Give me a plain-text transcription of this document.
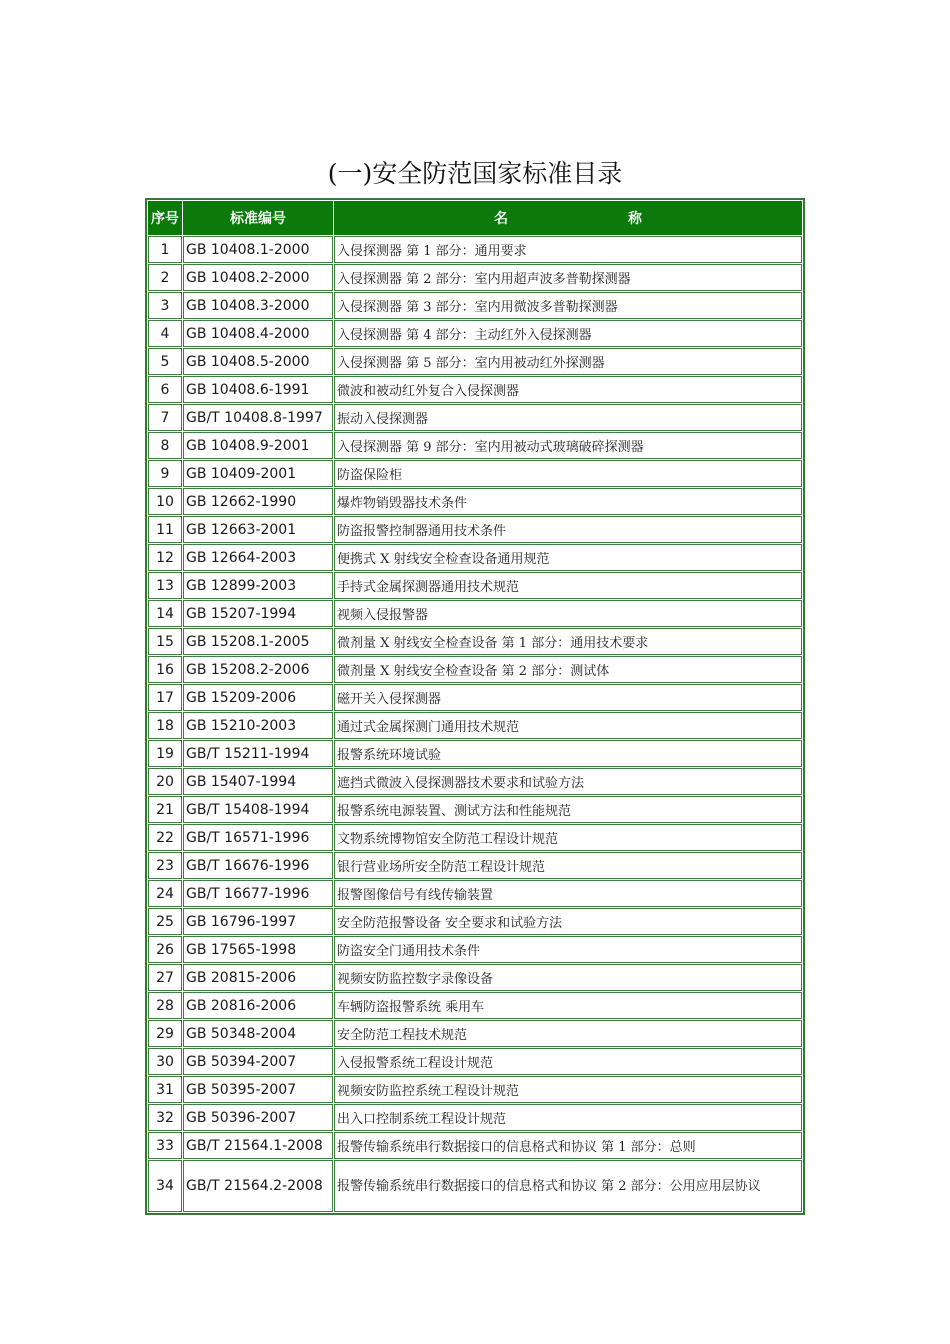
(一)安全防范国家标准目录
序号	标准编号	名 称
1	GB 10408.1-2000	入侵探测器 第 1 部分：通用要求
2	GB 10408.2-2000	入侵探测器 第 2 部分：室内用超声波多普勒探测器
3	GB 10408.3-2000	入侵探测器 第 3 部分：室内用微波多普勒探测器
4	GB 10408.4-2000	入侵探测器 第 4 部分：主动红外入侵探测器
5	GB 10408.5-2000	入侵探测器 第 5 部分：室内用被动红外探测器
6	GB 10408.6-1991	微波和被动红外复合入侵探测器
7	GB/T 10408.8-1997	振动入侵探测器
8	GB 10408.9-2001	入侵探测器 第 9 部分：室内用被动式玻璃破碎探测器
9	GB 10409-2001	防盗保险柜
10	GB 12662-1990	爆炸物销毁器技术条件
11	GB 12663-2001	防盗报警控制器通用技术条件
12	GB 12664-2003	便携式 X 射线安全检查设备通用规范
13	GB 12899-2003	手持式金属探测器通用技术规范
14	GB 15207-1994	视频入侵报警器
15	GB 15208.1-2005	微剂量 X 射线安全检查设备 第 1 部分：通用技术要求
16	GB 15208.2-2006	微剂量 X 射线安全检查设备 第 2 部分：测试体
17	GB 15209-2006	磁开关入侵探测器
18	GB 15210-2003	通过式金属探测门通用技术规范
19	GB/T 15211-1994	报警系统环境试验
20	GB 15407-1994	遮挡式微波入侵探测器技术要求和试验方法
21	GB/T 15408-1994	报警系统电源装置、测试方法和性能规范
22	GB/T 16571-1996	文物系统博物馆安全防范工程设计规范
23	GB/T 16676-1996	银行营业场所安全防范工程设计规范
24	GB/T 16677-1996	报警图像信号有线传输装置
25	GB 16796-1997	安全防范报警设备 安全要求和试验方法
26	GB 17565-1998	防盗安全门通用技术条件
27	GB 20815-2006	视频安防监控数字录像设备
28	GB 20816-2006	车辆防盗报警系统 乘用车
29	GB 50348-2004	安全防范工程技术规范
30	GB 50394-2007	入侵报警系统工程设计规范
31	GB 50395-2007	视频安防监控系统工程设计规范
32	GB 50396-2007	出入口控制系统工程设计规范
33	GB/T 21564.1-2008	报警传输系统串行数据接口的信息格式和协议 第 1 部分：总则
34	GB/T 21564.2-2008	报警传输系统串行数据接口的信息格式和协议 第 2 部分：公用应用层协议
